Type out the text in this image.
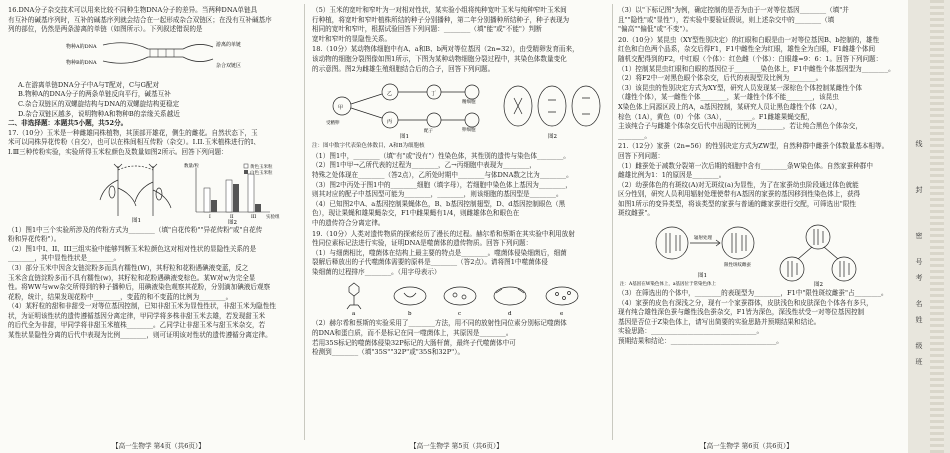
16.DNA分子杂交技术可以用来比较不同种生物DNA分子的差异。当两种DNA单链具
有互补的碱基序列时，互补的碱基序列就会结合在一起形成杂合双链区；在没有互补碱基序
列的部位，仍然是两条游离的单链（如图所示）。下列叙述错误的是
物种A的DNA
物种B的DNA
游离的单链
杂合双链区
A.在游离单链DNA分子中A与T配对，C与G配对
B.物种A的DNA分子的两条单链反向平行，碱基互补
C.杂合双链区的双螺旋结构与DNA的双螺旋结构更稳定
D.杂合双链区越多，说明物种A和物种B的亲缘关系越近
二、非选择题：本题共5小题，共52分。
17.（10分）玉米是一种雌雄同株植物，其顶部开雄花，侧生的雌花。自然状态下，玉
米可以同株异花传粉（自交），也可以在株间相互传粉（杂交）。I.II.玉米植株进行的I、
I.Ⅲ三种传粉实验，实验所得玉米粒颜色及数量如图2所示。回答下列问题：
图1
数量/粒	黄色玉米粒
白色玉米粒
I	II	III 实验组
图2
（1）图1中三个实验所涉及的传粉方式为________（填"自花传粉""异花传粉"或"自花传
粉和异花传粉"）。
（2）图1中I、II、III三组实验中能够判断玉米粒颜色这对相对性状的显隐性关系的是
________，其中显性性状是________。
（3）部分玉米中因含支链淀粉多而具有糯性(W)，其籽粒和花粉遇碘液变蓝，反之
玉米含直链淀粉多而不具有糯性(w)，其籽粒和花粉遇碘液变棕色。某W对w为完全显
性。将WW与ww杂交所得到的种子播种后，用碘液染色观察其花粉，分别滴加碘液后观察
花粉，统计，结果发现花粉中________，变蓝的和不变蓝的比例为________。
（4）某籽粒的甜和非甜受一对等位基因控制，已知非甜玉米为显性性状，非甜玉米为隐性性
状，为证明该性状的遗传遵循基因分离定律，甲同学将多株非甜玉米去雄，若发现甜玉米
的后代全为非甜，甲同学将非甜玉米植株________。乙同学让非甜玉米与甜玉米杂交，若
某性状显隐性分离的后代中表现为比例________，则可证明该对性状的遗传遵循分离定律。
（5）玉米的宽叶和窄叶为一对相对性状，某实验小组将纯种宽叶玉米与纯种窄叶玉米间
行种植，将宽叶和窄叶植株所结的种子分别播种，第二年分别播种所结种子，种子表现为
相同的宽叶和窄叶，根据试验回答下列问题：________（填"能"或"不能"）判断
宽叶和窄叶的显隐性关系。
18.（10分）某动物体细胞中有A、a和B、b两对等位基因（2n=32），由受精卵发育而来，
该动物的细胞分裂图像如图1所示，下图为某种动物细胞分裂过程中，其染色体数量变化
的示意图。图2为雌雄生殖细胞结合后的合子，回答下列问题。
甲
乙
丙
丁
精细胞
卵细胞
配子
受精卵
图1	图2
注：图中数字代表染色体数目，A和B为细胞核
（1）图1中，________（填"有"或"没有"）性染色体，其性别的遗传与染色体________。
（2）图1中甲→乙所代表的过程为________，乙→丙细胞中表现为________，
特殊之处体现在________（答2点），乙所处时期中________与体DNA数之比为________。
（3）图2中丙处于图1中的________细胞（填字母），若细胞中染色体上基因为________，
则其对应的配子中基因型可能为________，________，则该细胞的基因型是________。
（4）已知图2中A、a基因控制果蝇体色，B、b基因控制翅型，D、d基因控制眼色（黑
色），现让果蝇和雄果蝇杂交，F1中雌果蝇有1/4，则雌雄体色和眼色在
中的遗传符合分离定律。
19.（10分）人类对遗传物质的探索经历了漫长的过程。赫尔希和蔡斯在其实验中利用放射
性同位素标记法进行实验，证明DNA是噬菌体的遗传物质。回答下列问题：
（1）与细菌相比，噬菌体在结构上最主要的特点是________。噬菌体侵染细菌后，细菌
裂解后释放出的子代噬菌体需要的原料是________（答2点）。请将图1中噬菌体侵
染细菌的过程排序________。（用字母表示）
a	b	c	d	e
（2）赫尔希和蔡斯的实验采用了________方法，用不同的放射性同位素分别标记噬菌体
的DNA和蛋白质，而不是标记在同一噬菌体上，其原因是________。
若用35S标记的噬菌体侵染32P标记的大肠杆菌，最终子代噬菌体中可
检测到________（填"35S""32P"或"35S和32P"）。
（3）以"下标记图"为例，确定控制的是否为由于一对等位基因________（填"并
且""隐性"或"显性"），若实验中要验证假说，则上述杂交中的________（填
"偏高""偏低"或"不变"）。
20.（10分）某昆虫（XY型性别决定）的红眼和白眼是由一对等位基因B、b控制的，雄性
红色和白色两个品系，杂交后得F1，F1中雌性全为红眼，雄性全为白眼，F1雌雄个体间
随机交配得到的F2，中红眼（个体）：红色雌（个体）：白眼雄=9：6：1。回答下列问题：
（1）控制某昆虫红眼和白眼的基因位于________染色体上，F1中雌性个体基因型为________。
（2）将F2中一对黑色眼个体杂交，后代的表现型及比例为________。
（3）该昆虫的性别决定方式为XY型，研究人员发现某一深棕色个体控制某雌性个体
（雄性个体），某一雌性个体________，某一雄性个体不能________，该昆虫
X染色体上同源区段上的A，a基因控制，某研究人员让黑色雄性个体（2A），
棕色（1A），黄色（0）个体（3A），________。F1雌雄果蝇交配，
主该纯合子与雌雄个体杂交后代中出现的比例为________，若让纯合黑色个体杂交，
________。
21.（12分）家蚕（2n=56）的性别决定方式为ZW型，自然种群中雌蚕个体数量基本相等。
回答下列问题：
（1）雌蚕处于减数分裂第一次后期的细胞中含有________条W染色体。自然家蚕种群中
雌雄比例为1：1的原因是________。
（2）幼蚕体色的有斑纹(A)对无斑纹(a)为显性，为了在家蚕幼虫阶段通过体色就能
区分性别，研究人员利用辐射处理使带有A基因的家蚕的基因移到性染色体上，获得
如图1所示的变异类型，将该类型的家蚕与普通的雌家蚕进行交配，可筛选出"限性
斑纹雌蚕"。
辐射处理
限性斑纹雌蚕
图1
图2
注：A基因在W染色体上，a基因位于常染色体上
（3）在筛选出的个体中，________的表现型为________，F1中"限性斑纹雌蚕"占________。
（4）家蚕的皮色有深浅之分，现有一个家蚕群体，皮肤浅色和皮肤深色个体各有多只，
现有纯合雄性深色蚕与雌性浅色蚕杂交，F1皆为深色，深浅性状受一对等位基因控制
基因是否位于Z染色体上，请写出简要的实验思路并预期结果和结论。
实验思路：________________________________。
预期结果和结论：________________________________。
【高一生物学 第4页（共6页）】	【高一生物学 第5页（共6页）】	【高一生物学 第6页（共6页）】
线
封
密
号
考
名
姓
级
班
